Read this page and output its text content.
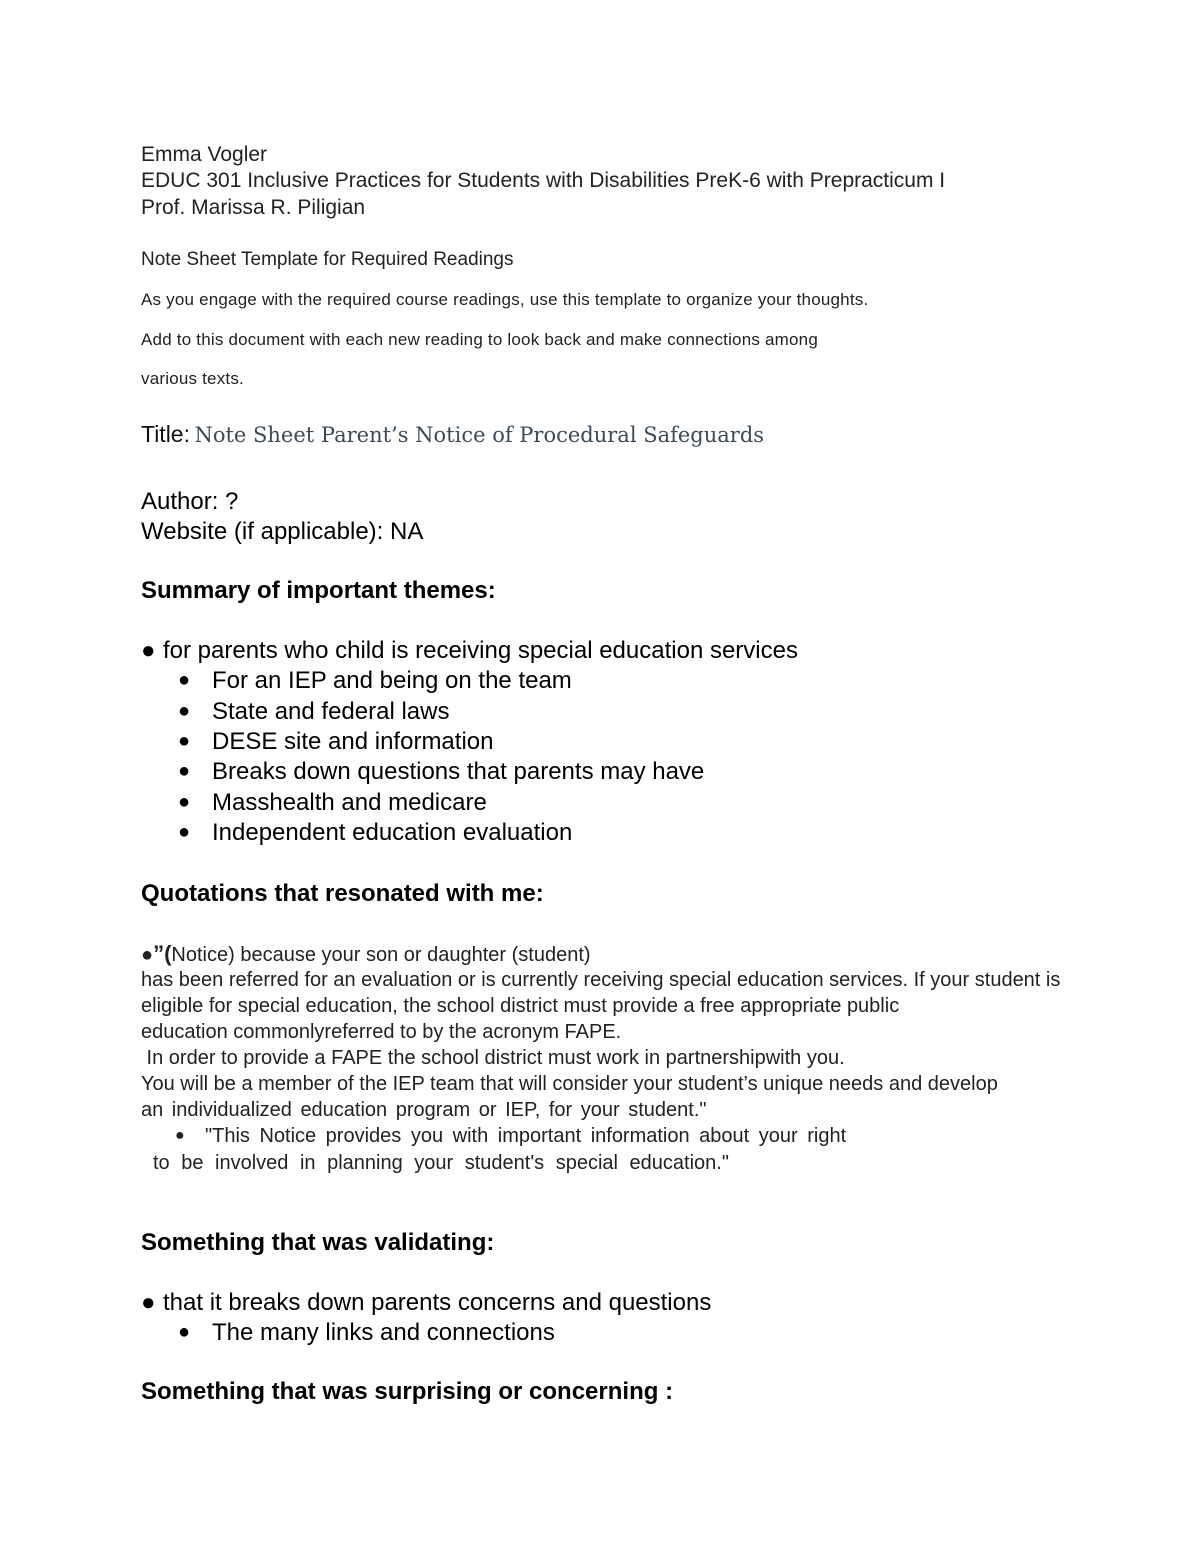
Emma Vogler
EDUC 301 Inclusive Practices for Students with Disabilities PreK-6 with Prepracticum I
Prof. Marissa R. Piligian
Note Sheet Template for Required Readings
As you engage with the required course readings, use this template to organize your thoughts.
Add to this document with each new reading to look back and make connections among
various texts.
Title: Note Sheet Parent’s Notice of Procedural Safeguards
Author: ?
Website (if applicable): NA
Summary of important themes:
● for parents who child is receiving special education services
● For an IEP and being on the team
● State and federal laws
● DESE site and information
● Breaks down questions that parents may have
● Masshealth and medicare
● Independent education evaluation
Quotations that resonated with me:
●”(Notice) because your son or daughter (student)
has been referred for an evaluation or is currently receiving special education services. If your student is
eligible for special education, the school district must provide a free appropriate public
education commonlyreferred to by the acronym FAPE.
In order to provide a FAPE the school district must work in partnershipwith you.
You will be a member of the IEP team that will consider your student’s unique needs and develop
an individualized education program or IEP, for your student."
● "This Notice provides you with important information about your right
to be involved in planning your student's special education."
Something that was validating:
● that it breaks down parents concerns and questions
● The many links and connections
Something that was surprising or concerning :
